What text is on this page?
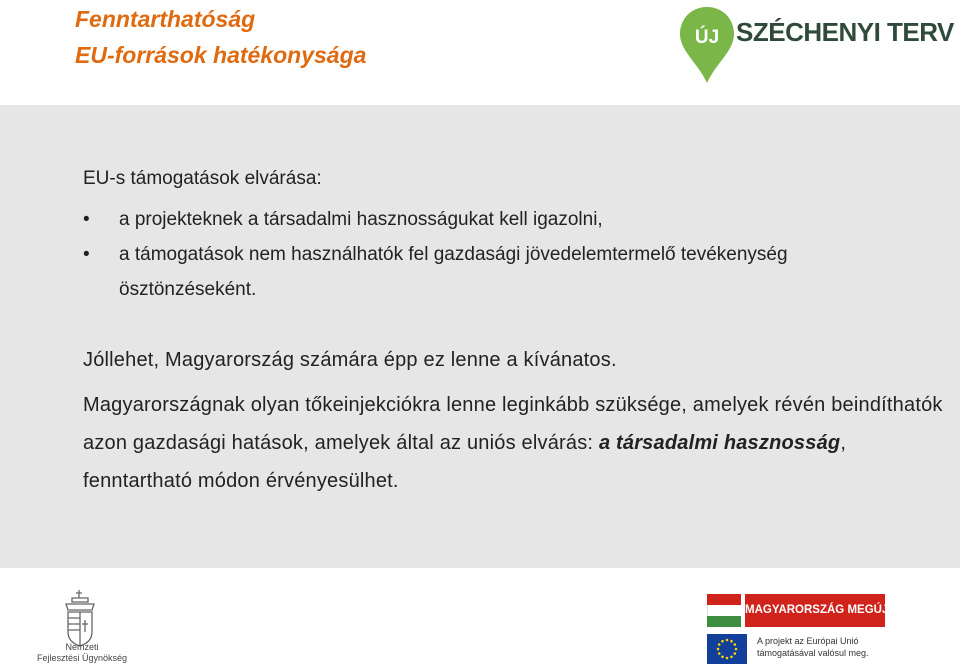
Fenntarthatóság
EU-források hatékonysága
ÚJ SZÉCHENYI TERV
EU-s támogatások elvárása:
• a projekteknek a társadalmi hasznosságukat kell igazolni,
• a támogatások nem használhatók fel gazdasági jövedelemtermelő tevékenység ösztönzéseként.
Jóllehet, Magyarország számára épp ez lenne a kívánatos.
Magyarországnak olyan tőkeinjekciókra lenne leginkább szüksége, amelyek révén beindíthatók azon gazdasági hatások, amelyek által az uniós elvárás: a társadalmi hasznosság, fenntartható módon érvényesülhet.
Nemzeti
Fejlesztési Ügynökség
MAGYARORSZÁG MEGÚJUL
A projekt az Európai Unió
támogatásával valósul meg.
